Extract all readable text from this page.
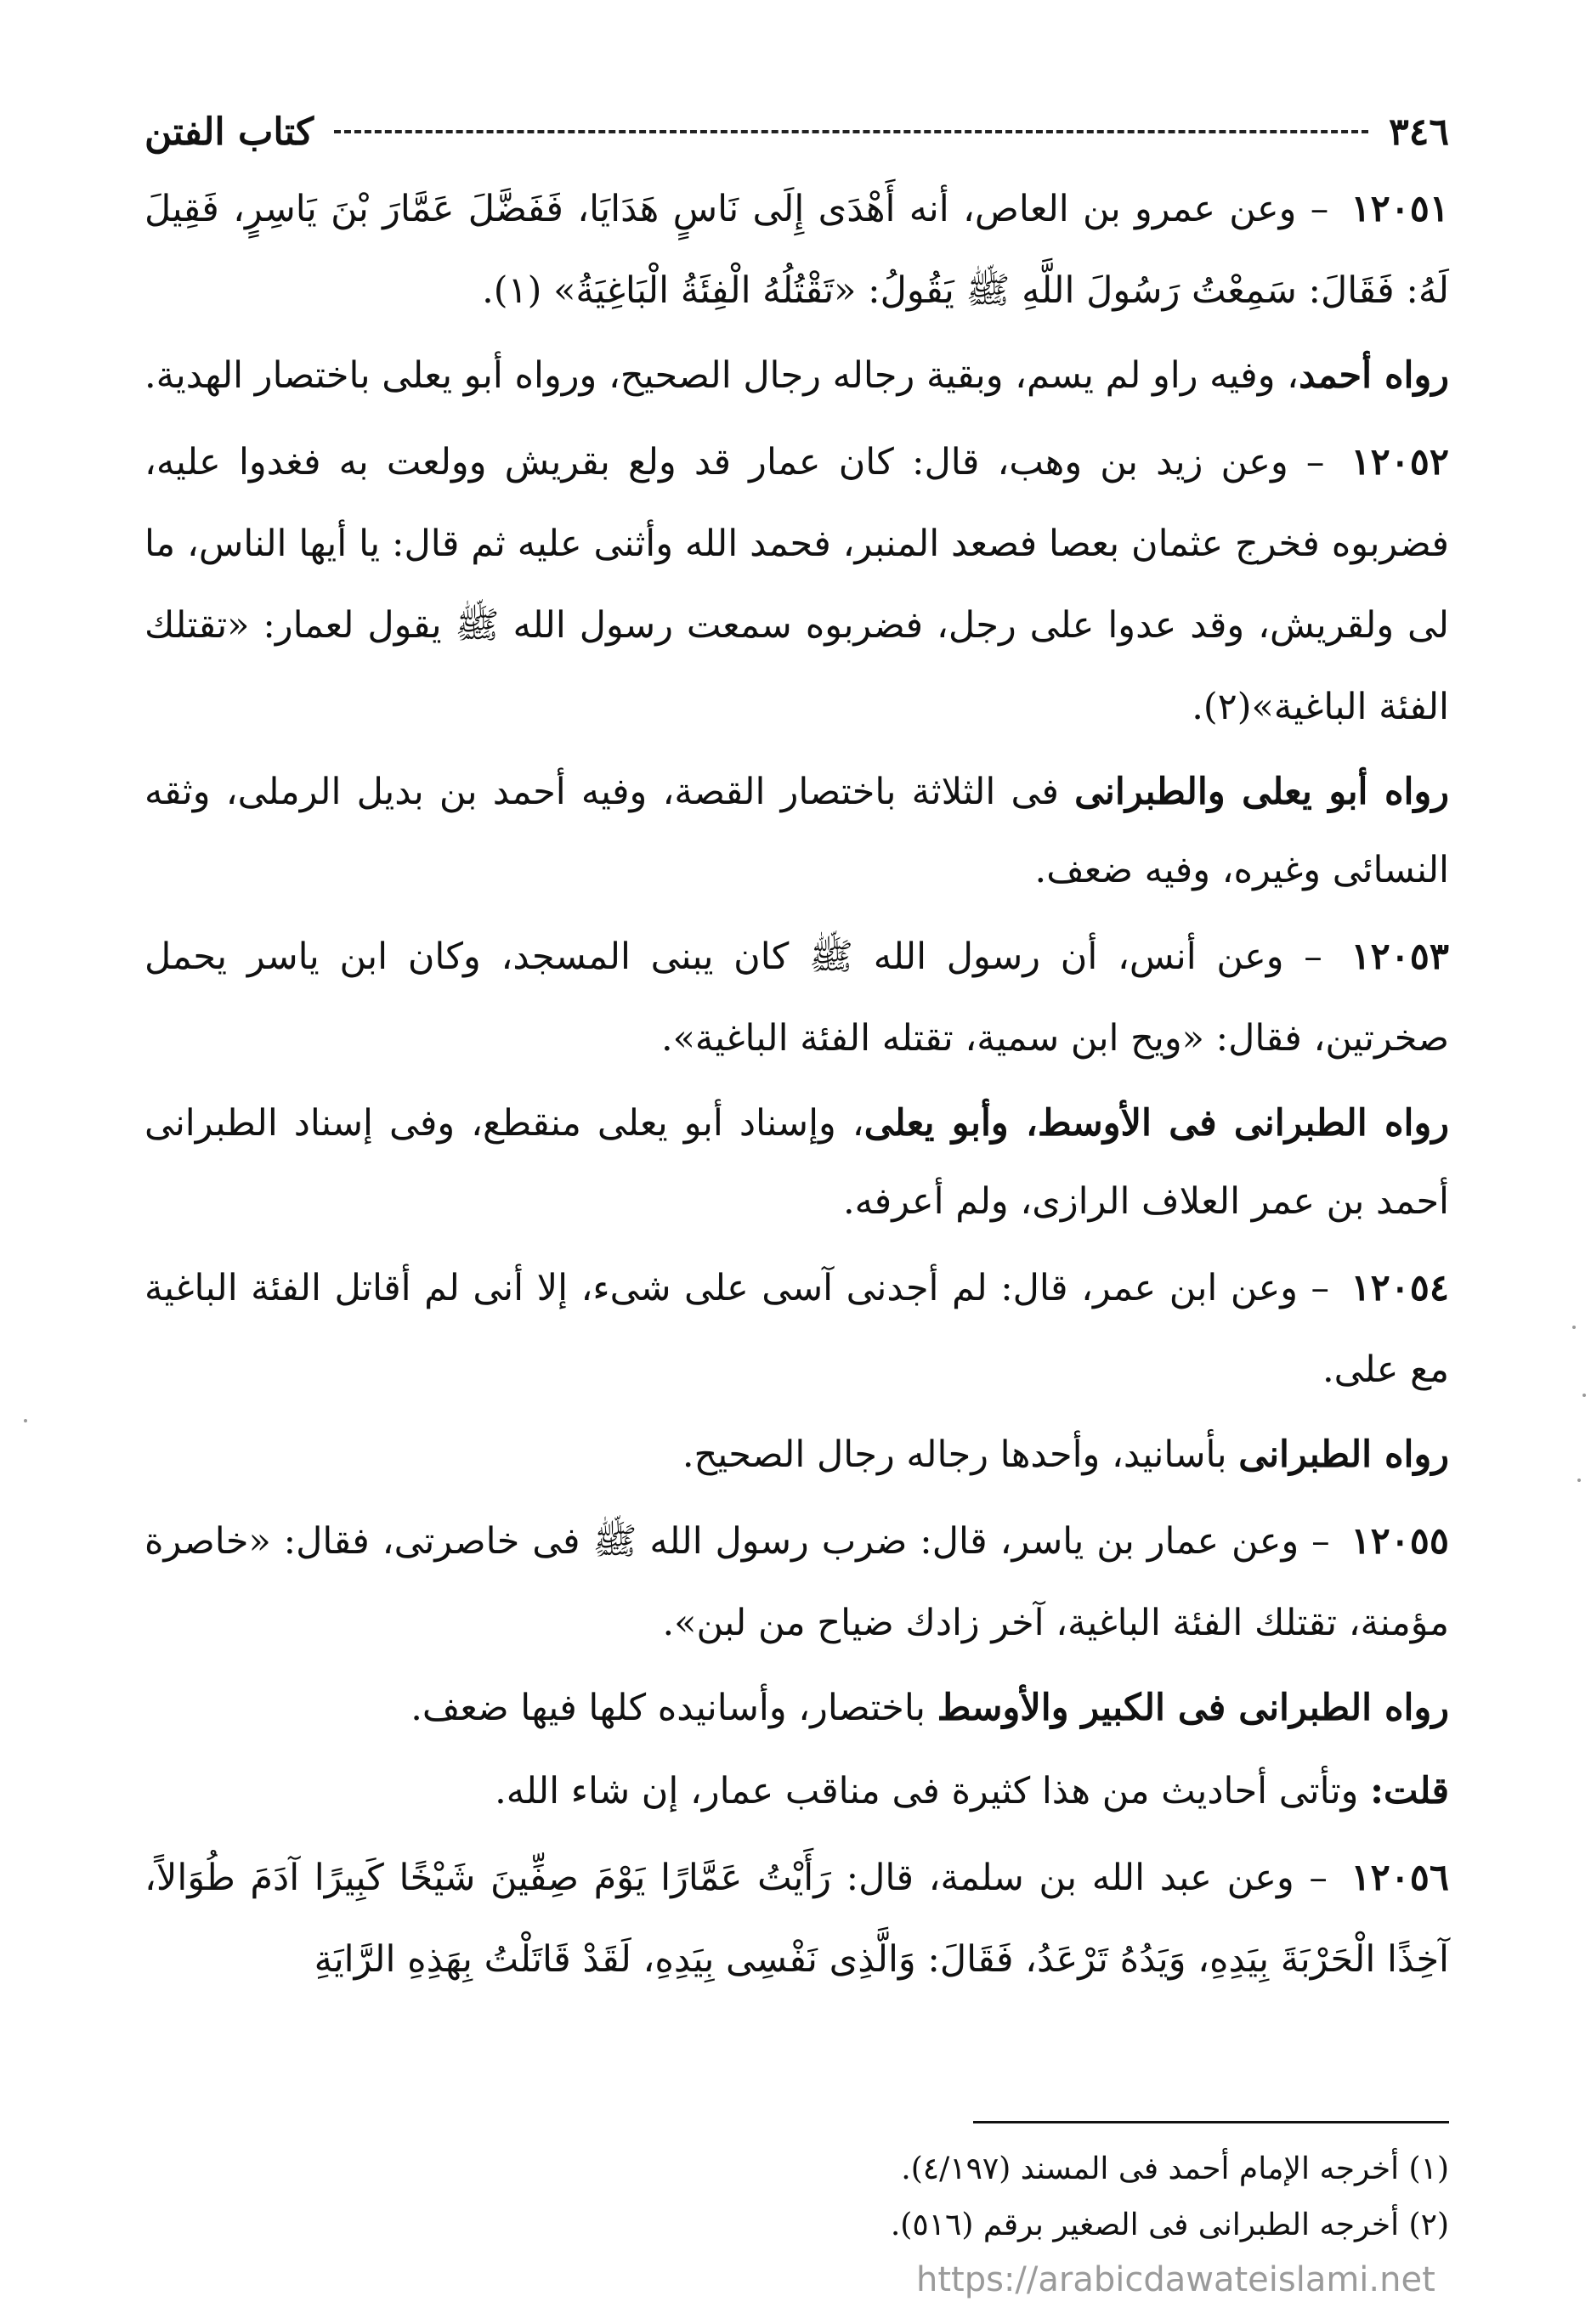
٣٤٦
كتاب الفتن
١٢٠٥١ – وعن عمرو بن العاص، أنه أَهْدَى إِلَى نَاسٍ هَدَايَا، فَفَضَّلَ عَمَّارَ بْنَ يَاسِرٍ، فَقِيلَ لَهُ: فَقَالَ: سَمِعْتُ رَسُولَ اللَّهِ ﷺ يَقُولُ: «تَقْتُلُهُ الْفِئَةُ الْبَاغِيَةُ» (١).
رواه أحمد، وفيه راو لم يسم، وبقية رجاله رجال الصحيح، ورواه أبو يعلى باختصار الهدية.
١٢٠٥٢ – وعن زيد بن وهب، قال: كان عمار قد ولع بقريش وولعت به فغدوا عليه، فضربوه فخرج عثمان بعصا فصعد المنبر، فحمد الله وأثنى عليه ثم قال: يا أيها الناس، ما لى ولقريش، وقد عدوا على رجل، فضربوه سمعت رسول الله ﷺ يقول لعمار: «تقتلك الفئة الباغية»(٢).
رواه أبو يعلى والطبرانى فى الثلاثة باختصار القصة، وفيه أحمد بن بديل الرملى، وثقه النسائى وغيره، وفيه ضعف.
١٢٠٥٣ – وعن أنس، أن رسول الله ﷺ كان يبنى المسجد، وكان ابن ياسر يحمل صخرتين، فقال: «ويح ابن سمية، تقتله الفئة الباغية».
رواه الطبرانى فى الأوسط، وأبو يعلى، وإسناد أبو يعلى منقطع، وفى إسناد الطبرانى أحمد بن عمر العلاف الرازى، ولم أعرفه.
١٢٠٥٤ – وعن ابن عمر، قال: لم أجدنى آسى على شىء، إلا أنى لم أقاتل الفئة الباغية مع على.
رواه الطبرانى بأسانيد، وأحدها رجاله رجال الصحيح.
١٢٠٥٥ – وعن عمار بن ياسر، قال: ضرب رسول الله ﷺ فى خاصرتى، فقال: «خاصرة مؤمنة، تقتلك الفئة الباغية، آخر زادك ضياح من لبن».
رواه الطبرانى فى الكبير والأوسط باختصار، وأسانيده كلها فيها ضعف.
قلت: وتأتى أحاديث من هذا كثيرة فى مناقب عمار، إن شاء الله.
١٢٠٥٦ – وعن عبد الله بن سلمة، قال: رَأَيْتُ عَمَّارًا يَوْمَ صِفِّينَ شَيْخًا كَبِيرًا آدَمَ طُوَالاً، آخِذًا الْحَرْبَةَ بِيَدِهِ، وَيَدُهُ تَرْعَدُ، فَقَالَ: وَالَّذِى نَفْسِى بِيَدِهِ، لَقَدْ قَاتَلْتُ بِهَذِهِ الرَّايَةِ
(١) أخرجه الإمام أحمد فى المسند (٤/١٩٧).
(٢) أخرجه الطبرانى فى الصغير برقم (٥١٦).
https://arabicdawateislami.net
